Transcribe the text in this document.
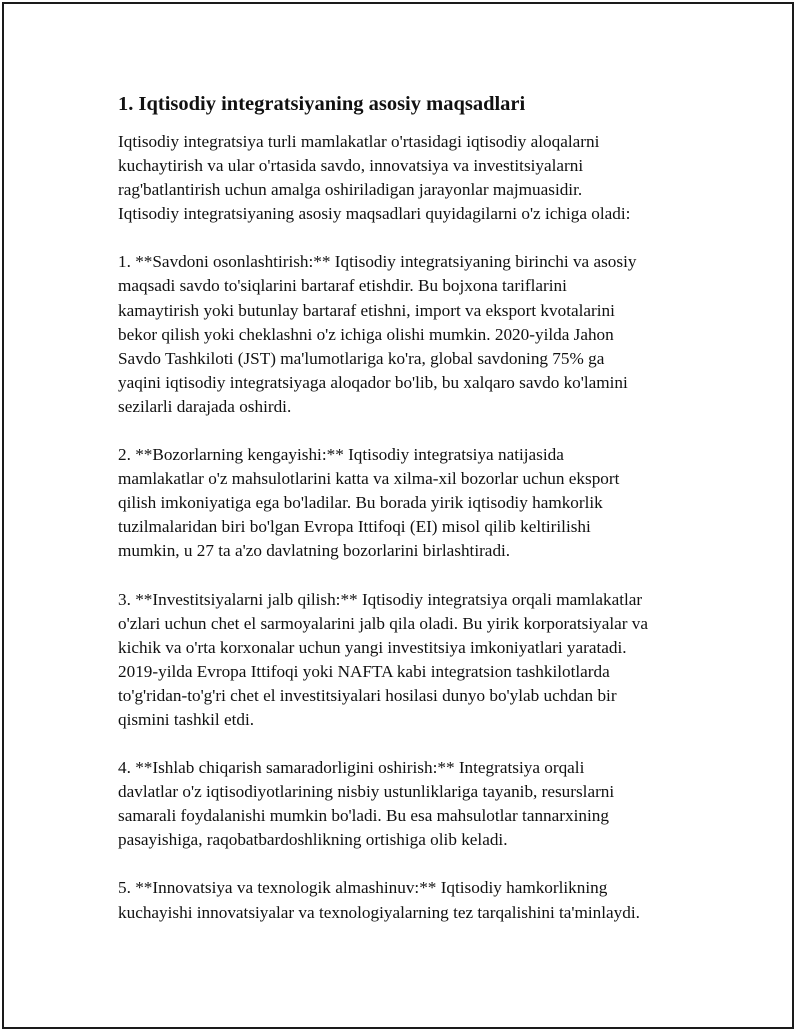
1. Iqtisodiy integratsiyaning asosiy maqsadlari

Iqtisodiy integratsiya turli mamlakatlar o'rtasidagi iqtisodiy aloqalarni
kuchaytirish va ular o'rtasida savdo, innovatsiya va investitsiyalarni
rag'batlantirish uchun amalga oshiriladigan jarayonlar majmuasidir.
Iqtisodiy integratsiyaning asosiy maqsadlari quyidagilarni o'z ichiga oladi:

1. **Savdoni osonlashtirish:** Iqtisodiy integratsiyaning birinchi va asosiy
maqsadi savdo to'siqlarini bartaraf etishdir. Bu bojxona tariflarini
kamaytirish yoki butunlay bartaraf etishni, import va eksport kvotalarini
bekor qilish yoki cheklashni o'z ichiga olishi mumkin. 2020-yilda Jahon
Savdo Tashkiloti (JST) ma'lumotlariga ko'ra, global savdoning 75% ga
yaqini iqtisodiy integratsiyaga aloqador bo'lib, bu xalqaro savdo ko'lamini
sezilarli darajada oshirdi.

2. **Bozorlarning kengayishi:** Iqtisodiy integratsiya natijasida
mamlakatlar o'z mahsulotlarini katta va xilma-xil bozorlar uchun eksport
qilish imkoniyatiga ega bo'ladilar. Bu borada yirik iqtisodiy hamkorlik
tuzilmalaridan biri bo'lgan Evropa Ittifoqi (EI) misol qilib keltirilishi
mumkin, u 27 ta a'zo davlatning bozorlarini birlashtiradi.

3. **Investitsiyalarni jalb qilish:** Iqtisodiy integratsiya orqali mamlakatlar
o'zlari uchun chet el sarmoyalarini jalb qila oladi. Bu yirik korporatsiyalar va
kichik va o'rta korxonalar uchun yangi investitsiya imkoniyatlari yaratadi.
2019-yilda Evropa Ittifoqi yoki NAFTA kabi integratsion tashkilotlarda
to'g'ridan-to'g'ri chet el investitsiyalari hosilasi dunyo bo'ylab uchdan bir
qismini tashkil etdi.

4. **Ishlab chiqarish samaradorligini oshirish:** Integratsiya orqali
davlatlar o'z iqtisodiyotlarining nisbiy ustunliklariga tayanib, resurslarni
samarali foydalanishi mumkin bo'ladi. Bu esa mahsulotlar tannarxining
pasayishiga, raqobatbardoshlikning ortishiga olib keladi.

5. **Innovatsiya va texnologik almashinuv:** Iqtisodiy hamkorlikning
kuchayishi innovatsiyalar va texnologiyalarning tez tarqalishini ta'minlaydi.
